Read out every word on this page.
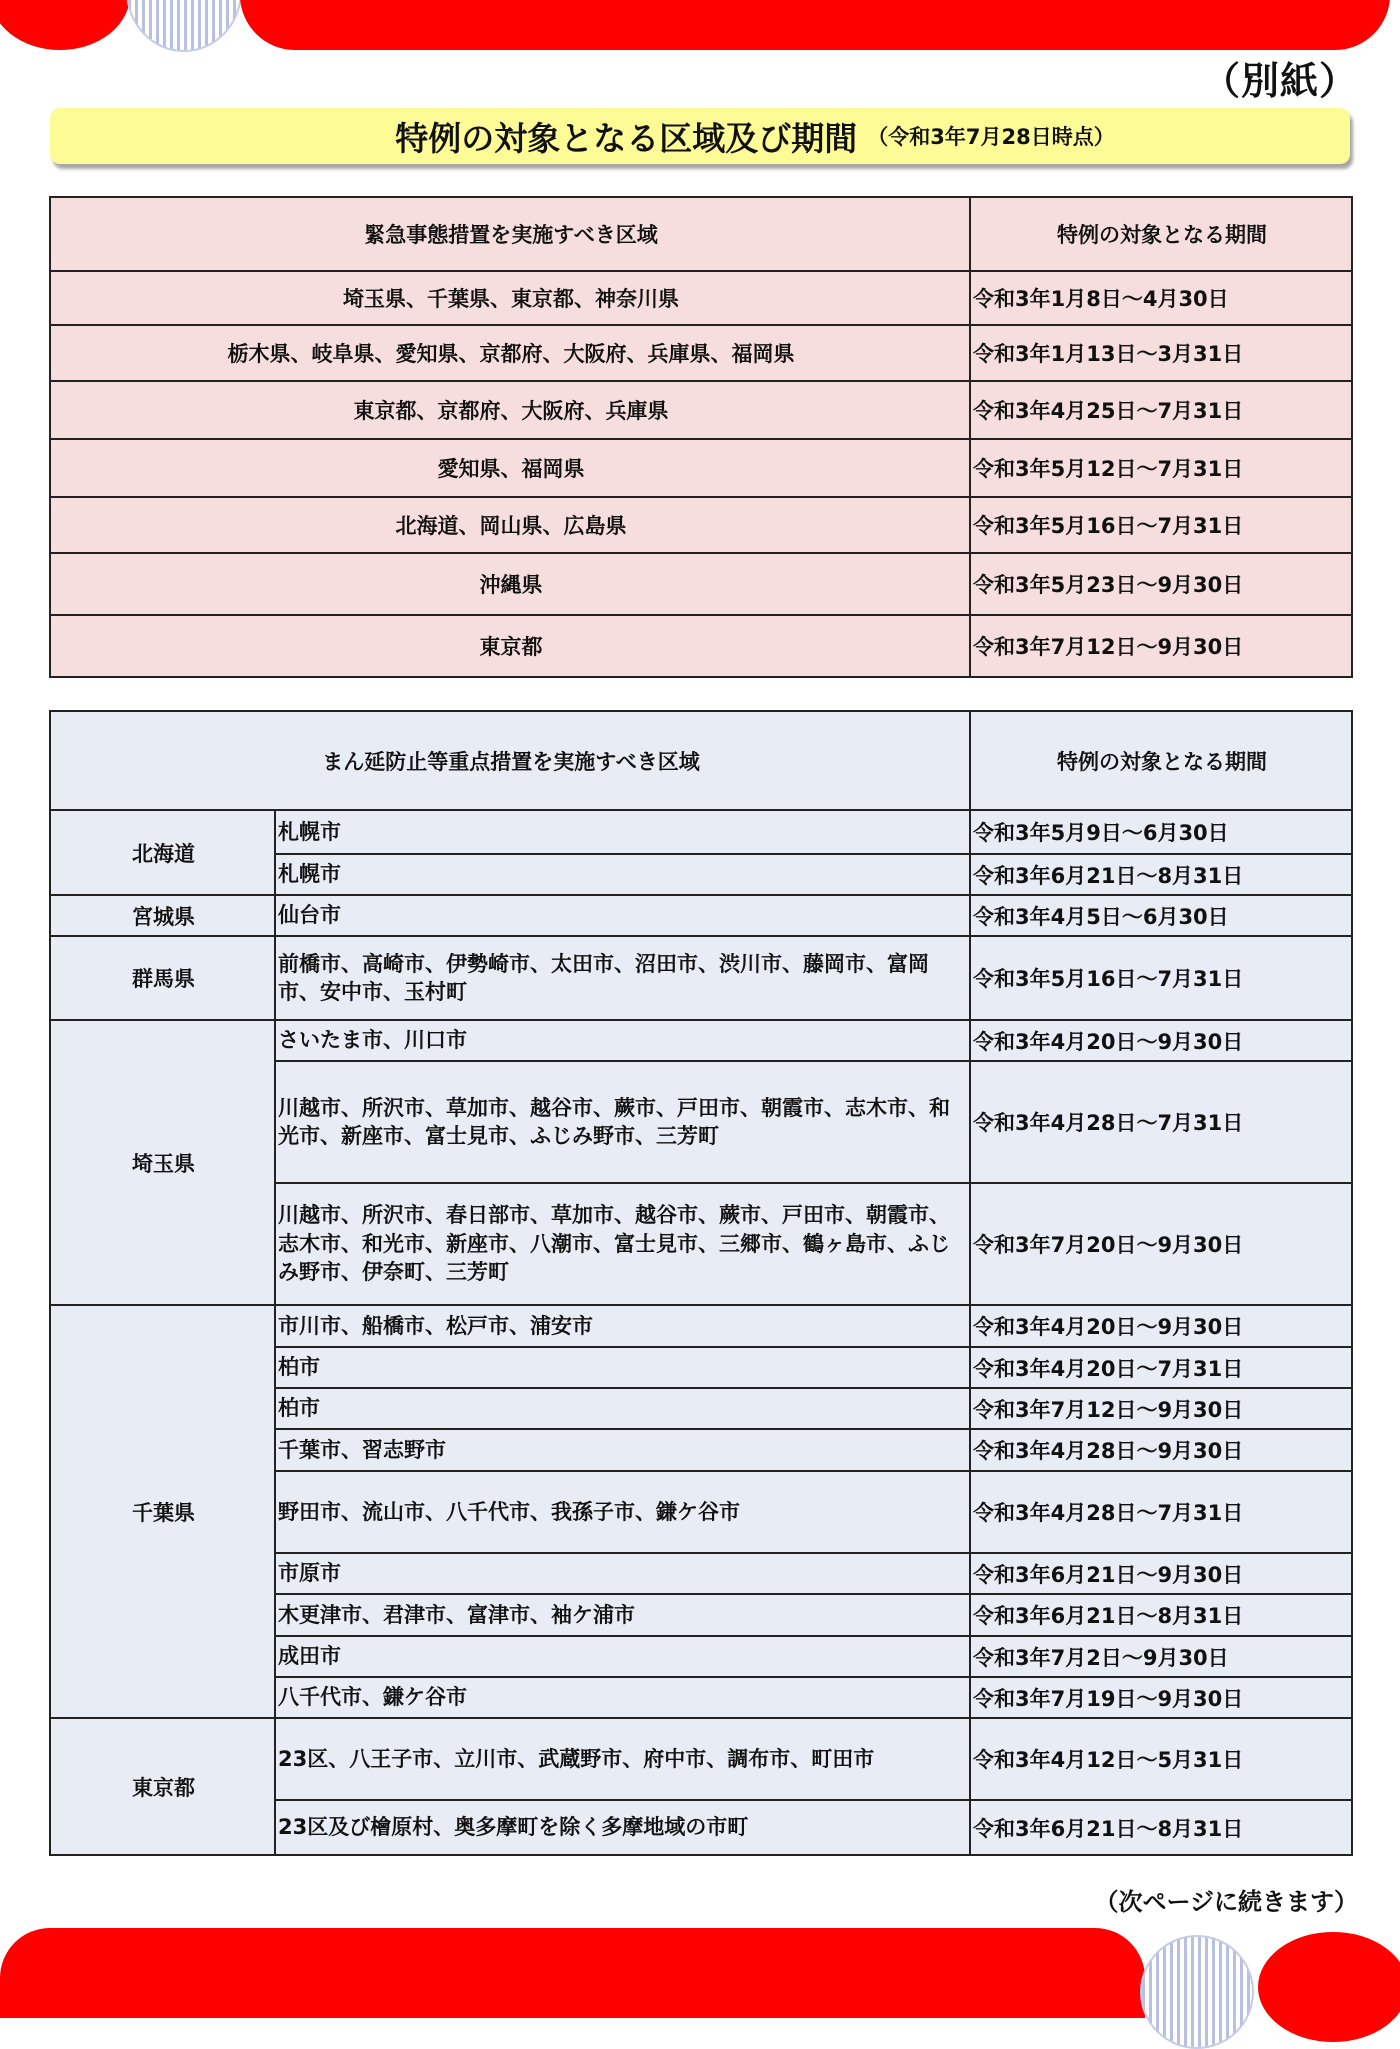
（別紙）
特例の対象となる区域及び期間 （令和3年7月28日時点）
緊急事態措置を実施すべき区域	特例の対象となる期間
埼玉県、千葉県、東京都、神奈川県	令和3年1月8日～4月30日
栃木県、岐阜県、愛知県、京都府、大阪府、兵庫県、福岡県	令和3年1月13日～3月31日
東京都、京都府、大阪府、兵庫県	令和3年4月25日～7月31日
愛知県、福岡県	令和3年5月12日～7月31日
北海道、岡山県、広島県	令和3年5月16日～7月31日
沖縄県	令和3年5月23日～9月30日
東京都	令和3年7月12日～9月30日
まん延防止等重点措置を実施すべき区域		特例の対象となる期間
北海道	札幌市	令和3年5月9日～6月30日
	札幌市	令和3年6月21日～8月31日
宮城県	仙台市	令和3年4月5日～6月30日
群馬県	前橋市、高崎市、伊勢崎市、太田市、沼田市、渋川市、藤岡市、富岡市、安中市、玉村町	令和3年5月16日～7月31日
埼玉県	さいたま市、川口市	令和3年4月20日～9月30日
	川越市、所沢市、草加市、越谷市、蕨市、戸田市、朝霞市、志木市、和光市、新座市、富士見市、ふじみ野市、三芳町	令和3年4月28日～7月31日
	川越市、所沢市、春日部市、草加市、越谷市、蕨市、戸田市、朝霞市、志木市、和光市、新座市、八潮市、富士見市、三郷市、鶴ヶ島市、ふじみ野市、伊奈町、三芳町	令和3年7月20日～9月30日
千葉県	市川市、船橋市、松戸市、浦安市	令和3年4月20日～9月30日
	柏市	令和3年4月20日～7月31日
	柏市	令和3年7月12日～9月30日
	千葉市、習志野市	令和3年4月28日～9月30日
	野田市、流山市、八千代市、我孫子市、鎌ケ谷市	令和3年4月28日～7月31日
	市原市	令和3年6月21日～9月30日
	木更津市、君津市、富津市、袖ケ浦市	令和3年6月21日～8月31日
	成田市	令和3年7月2日～9月30日
	八千代市、鎌ケ谷市	令和3年7月19日～9月30日
東京都	23区、八王子市、立川市、武蔵野市、府中市、調布市、町田市	令和3年4月12日～5月31日
	23区及び檜原村、奥多摩町を除く多摩地域の市町	令和3年6月21日～8月31日
（次ページに続きます）
